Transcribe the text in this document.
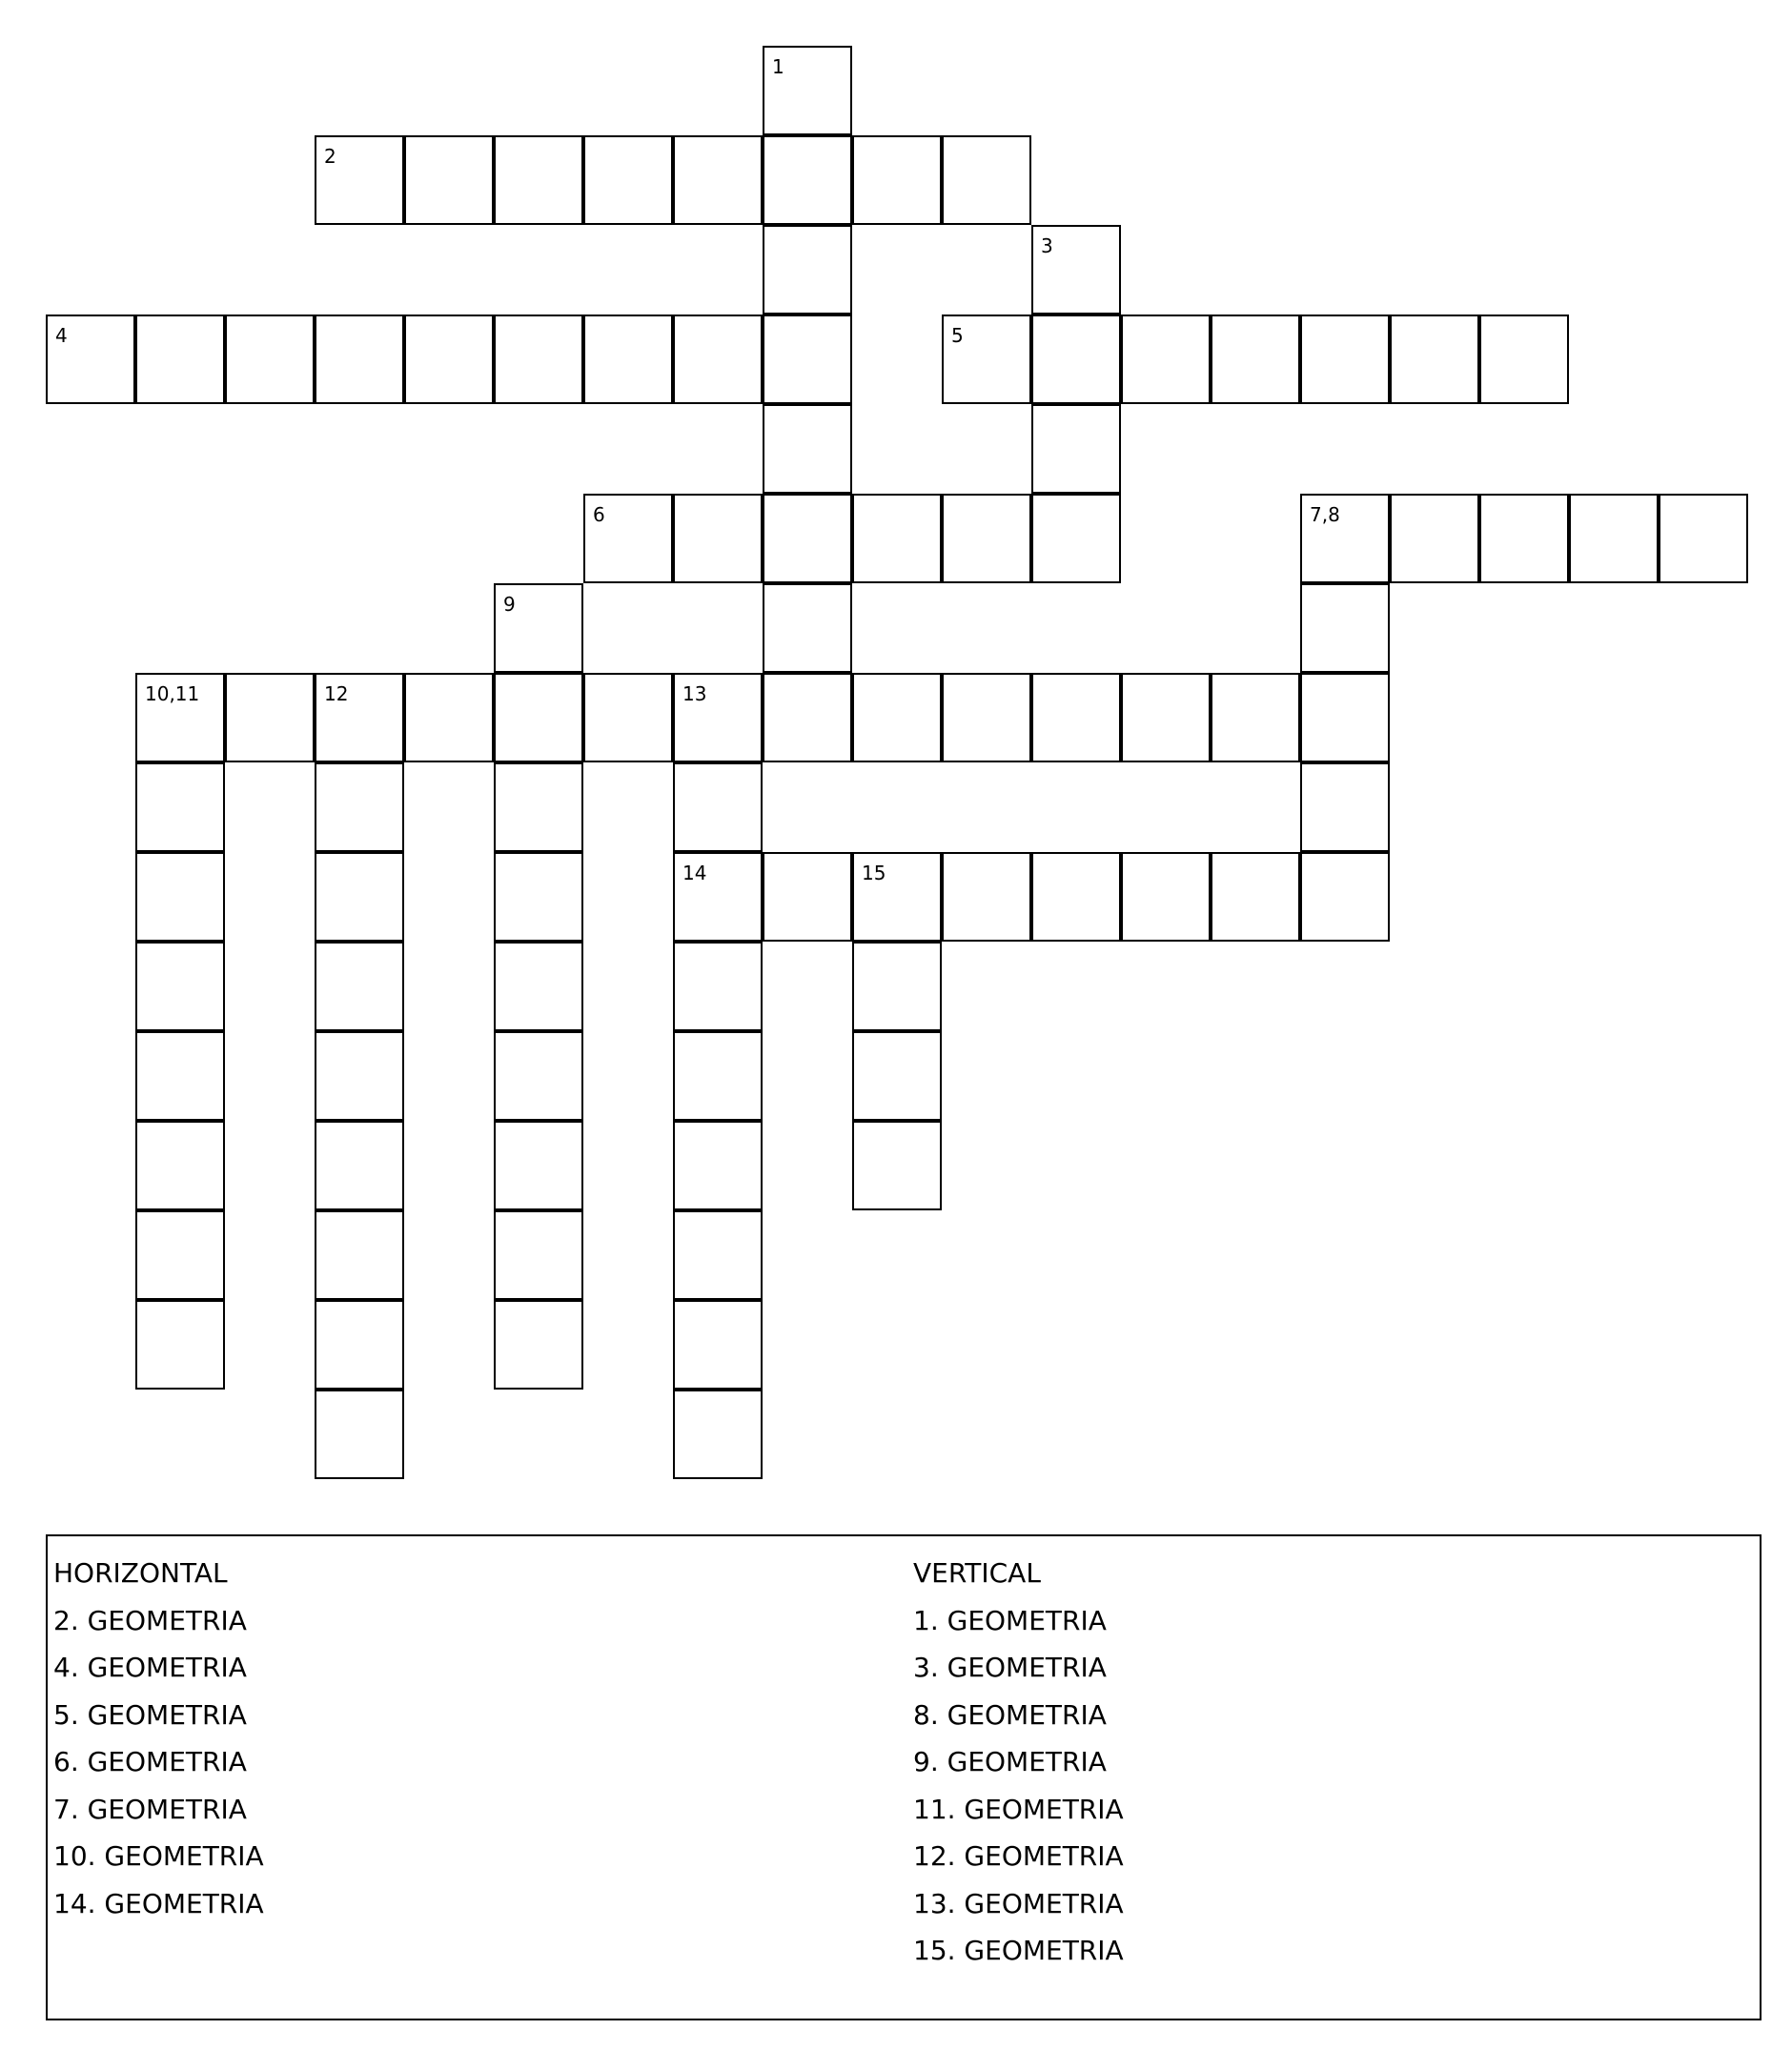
1
2
3
4	5
6	7,8
9
10,11	12	13
14	15
HORIZONTAL
2. GEOMETRIA
4. GEOMETRIA
5. GEOMETRIA
6. GEOMETRIA
7. GEOMETRIA
10. GEOMETRIA
14. GEOMETRIA
VERTICAL
1. GEOMETRIA
3. GEOMETRIA
8. GEOMETRIA
9. GEOMETRIA
11. GEOMETRIA
12. GEOMETRIA
13. GEOMETRIA
15. GEOMETRIA
